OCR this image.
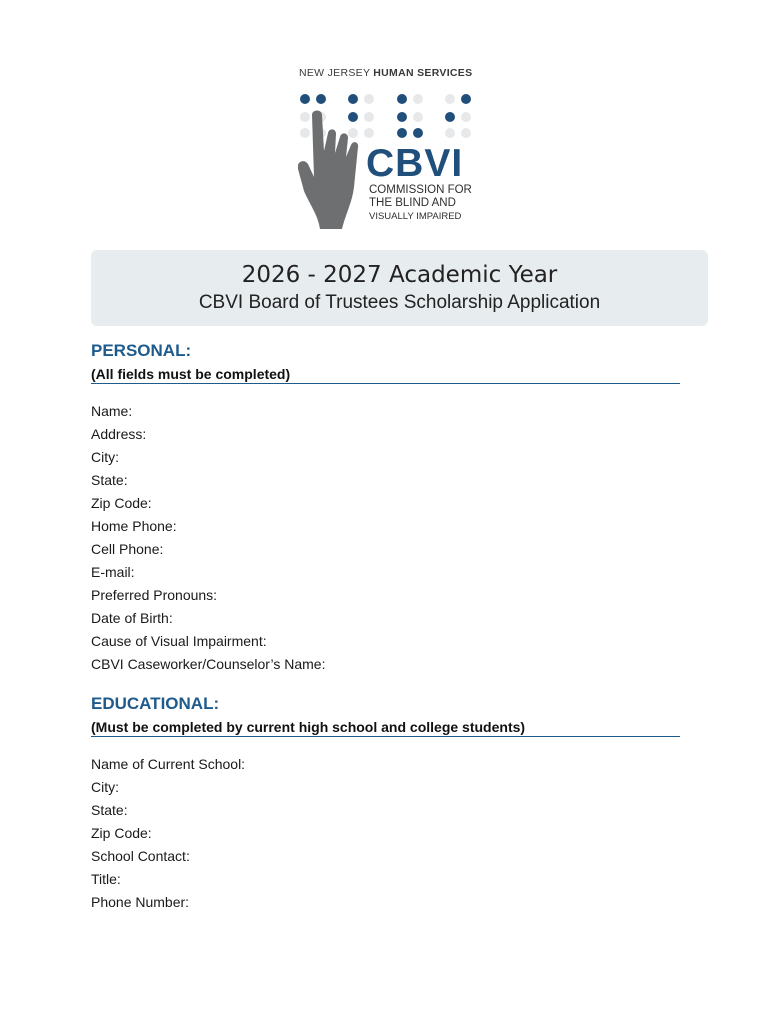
NEW JERSEY HUMAN SERVICES
CBVI
COMMISSION FOR
THE BLIND AND
VISUALLY IMPAIRED
2026 - 2027 Academic Year
CBVI Board of Trustees Scholarship Application
PERSONAL:
(All fields must be completed)
Name:
Address:
City:
State:
Zip Code:
Home Phone:
Cell Phone:
E-mail:
Preferred Pronouns:
Date of Birth:
Cause of Visual Impairment:
CBVI Caseworker/Counselor’s Name:
EDUCATIONAL:
(Must be completed by current high school and college students)
Name of Current School:
City:
State:
Zip Code:
School Contact:
Title:
Phone Number:
